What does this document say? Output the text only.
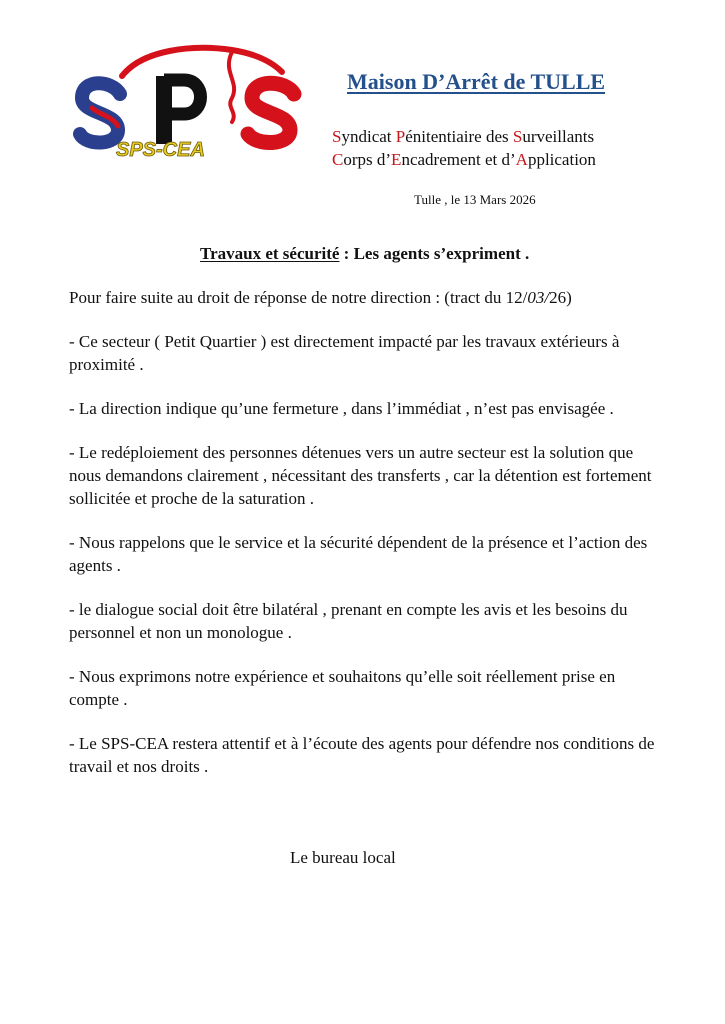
SPS-CEA
Maison D’Arrêt de TULLE
Syndicat Pénitentiaire des Surveillants
Corps d’Encadrement et d’Application
Tulle , le 13 Mars 2026
Travaux et sécurité : Les agents s’expriment .

Pour faire suite au droit de réponse de notre direction : (tract du 12/03/26)

- Ce secteur ( Petit Quartier ) est directement impacté par les travaux extérieurs à proximité .

- La direction indique qu’une fermeture , dans l’immédiat , n’est pas envisagée .

- Le redéploiement des personnes détenues vers un autre secteur est la solution que nous demandons clairement , nécessitant des transferts , car la détention est fortement sollicitée et proche de la saturation .

- Nous rappelons que le service et la sécurité dépendent de la présence et l’action des agents .

- le dialogue social doit être bilatéral , prenant en compte les avis et les besoins du personnel et non un monologue .

- Nous exprimons notre expérience et souhaitons qu’elle soit réellement prise en compte .

- Le SPS-CEA restera attentif et à l’écoute des agents pour défendre nos conditions de travail et nos droits .

Le bureau local
